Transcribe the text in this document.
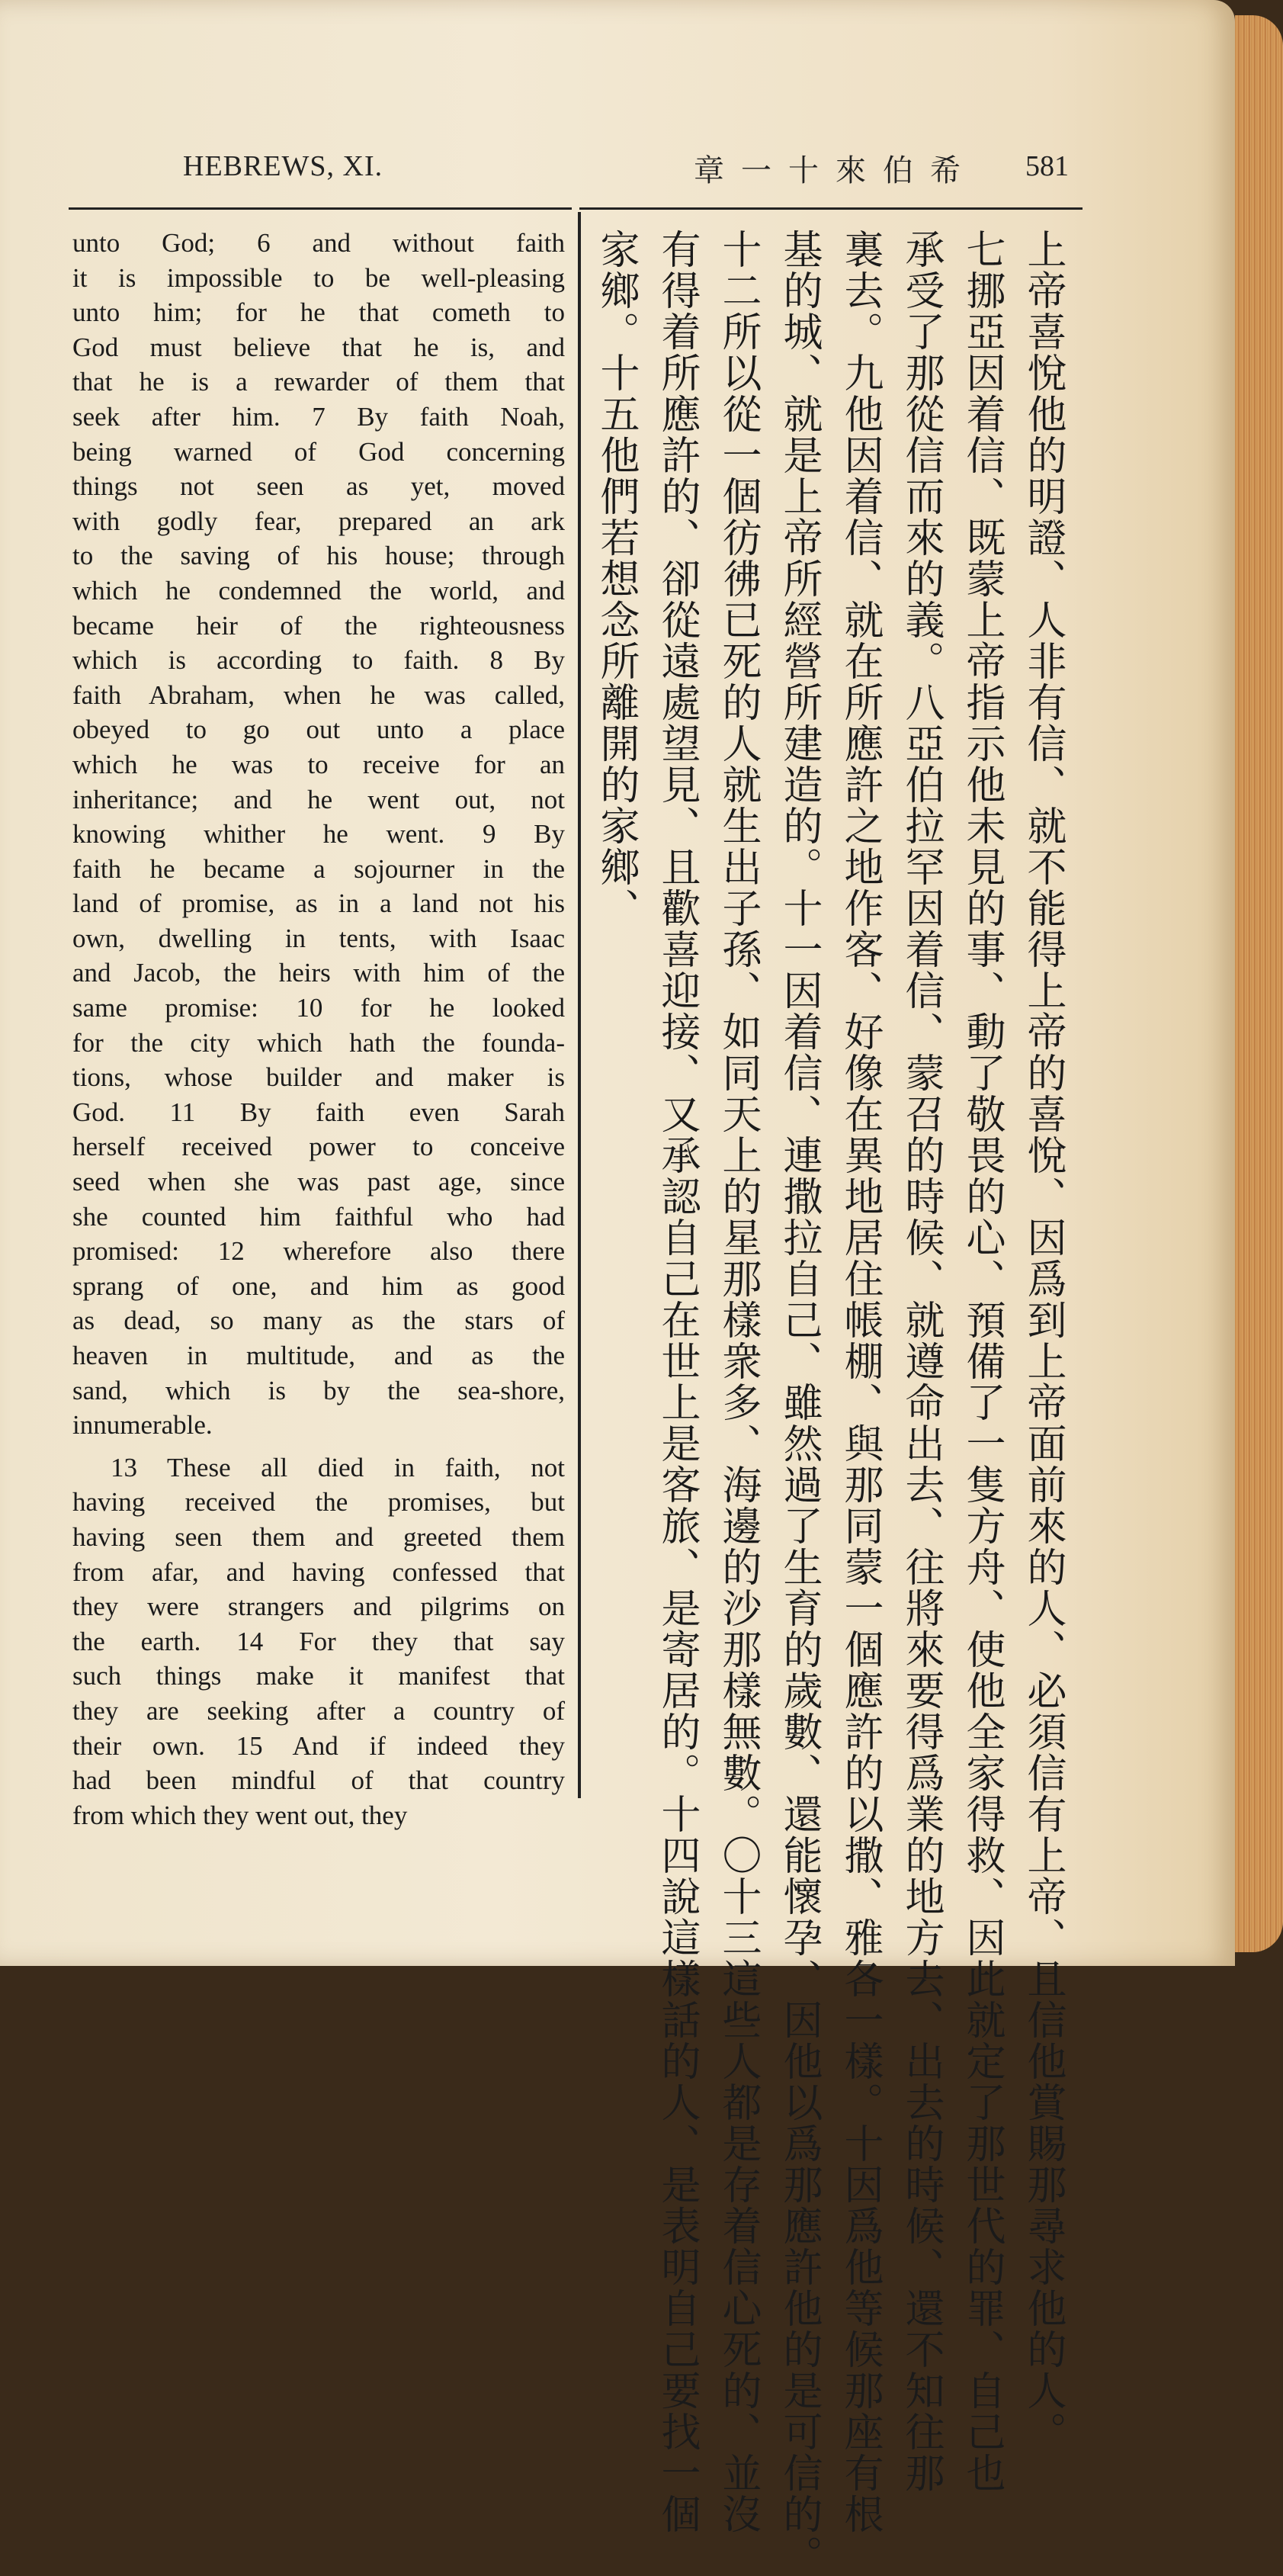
HEBREWS, XI.	章一十來伯希 581
unto God; 6 and without faith
it is impossible to be well-pleasing
unto him; for he that cometh to
God must believe that he is, and
that he is a rewarder of them that
seek after him. 7 By faith Noah,
being warned of God concerning
things not seen as yet, moved
with godly fear, prepared an ark
to the saving of his house; through
which he condemned the world, and
became heir of the righteousness
which is according to faith. 8 By
faith Abraham, when he was called,
obeyed to go out unto a place
which he was to receive for an
inheritance; and he went out, not
knowing whither he went. 9 By
faith he became a sojourner in the
land of promise, as in a land not his
own, dwelling in tents, with Isaac
and Jacob, the heirs with him of the
same promise: 10 for he looked
for the city which hath the founda-
tions, whose builder and maker is
God. 11 By faith even Sarah
herself received power to conceive
seed when she was past age, since
she counted him faithful who had
promised: 12 wherefore also there
sprang of one, and him as good
as dead, so many as the stars of
heaven in multitude, and as the
sand, which is by the sea-shore,
innumerable.
13 These all died in faith, not
having received the promises, but
having seen them and greeted them
from afar, and having confessed that
they were strangers and pilgrims on
the earth. 14 For they that say
such things make it manifest that
they are seeking after a country of
their own. 15 And if indeed they
had been mindful of that country
from which they went out, they	上帝喜悅他的明證、人非有信、就不能得上帝的喜悅、因爲到上帝面前來的人、必須信有上帝、且信他賞賜那尋求他的人。
七挪亞因着信、既蒙上帝指示他未見的事、動了敬畏的心、預備了一隻方舟、使他全家得救、因此就定了那世代的罪、自己也
承受了那從信而來的義。八亞伯拉罕因着信、蒙召的時候、就遵命出去、往將來要得爲業的地方去、出去的時候、還不知往那
裏去。九他因着信、就在所應許之地作客、好像在異地居住帳棚、與那同蒙一個應許的以撒、雅各一樣。十因爲他等候那座有根
基的城、就是上帝所經營所建造的。十一因着信、連撒拉自己、雖然過了生育的歲數、還能懷孕、因他以爲那應許他的是可信的。
十二所以從一個彷彿已死的人就生出子孫、如同天上的星那樣衆多、海邊的沙那樣無數。〇十三這些人都是存着信心死的、並沒
有得着所應許的、卻從遠處望見、且歡喜迎接、又承認自己在世上是客旅、是寄居的。十四說這樣話的人、是表明自己要找一個
家鄉。十五他們若想念所離開的家鄉、
